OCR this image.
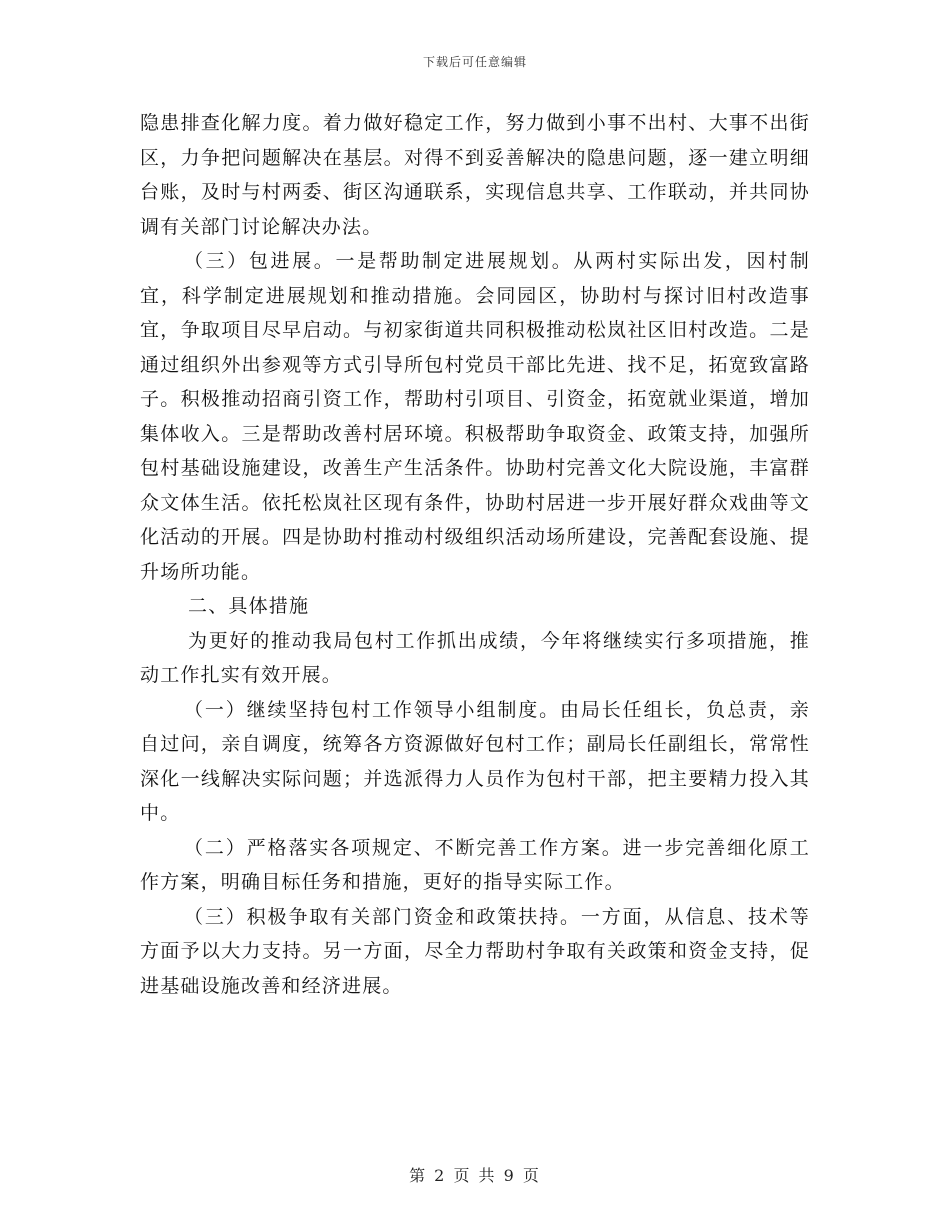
下载后可任意编辑

隐患排查化解力度。着力做好稳定工作，努力做到小事不出村、大事不出街区，力争把问题解决在基层。对得不到妥善解决的隐患问题，逐一建立明细台账，及时与村两委、街区沟通联系，实现信息共享、工作联动，并共同协调有关部门讨论解决办法。

（三）包进展。一是帮助制定进展规划。从两村实际出发，因村制宜，科学制定进展规划和推动措施。会同园区，协助村与探讨旧村改造事宜，争取项目尽早启动。与初家街道共同积极推动松岚社区旧村改造。二是通过组织外出参观等方式引导所包村党员干部比先进、找不足，拓宽致富路子。积极推动招商引资工作，帮助村引项目、引资金，拓宽就业渠道，增加集体收入。三是帮助改善村居环境。积极帮助争取资金、政策支持，加强所包村基础设施建设，改善生产生活条件。协助村完善文化大院设施，丰富群众文体生活。依托松岚社区现有条件，协助村居进一步开展好群众戏曲等文化活动的开展。四是协助村推动村级组织活动场所建设，完善配套设施、提升场所功能。

二、具体措施

为更好的推动我局包村工作抓出成绩，今年将继续实行多项措施，推动工作扎实有效开展。

（一）继续坚持包村工作领导小组制度。由局长任组长，负总责，亲自过问，亲自调度，统筹各方资源做好包村工作；副局长任副组长，常常性深化一线解决实际问题；并选派得力人员作为包村干部，把主要精力投入其中。

（二）严格落实各项规定、不断完善工作方案。进一步完善细化原工作方案，明确目标任务和措施，更好的指导实际工作。

（三）积极争取有关部门资金和政策扶持。一方面，从信息、技术等方面予以大力支持。另一方面，尽全力帮助村争取有关政策和资金支持，促进基础设施改善和经济进展。

第 2 页 共 9 页
